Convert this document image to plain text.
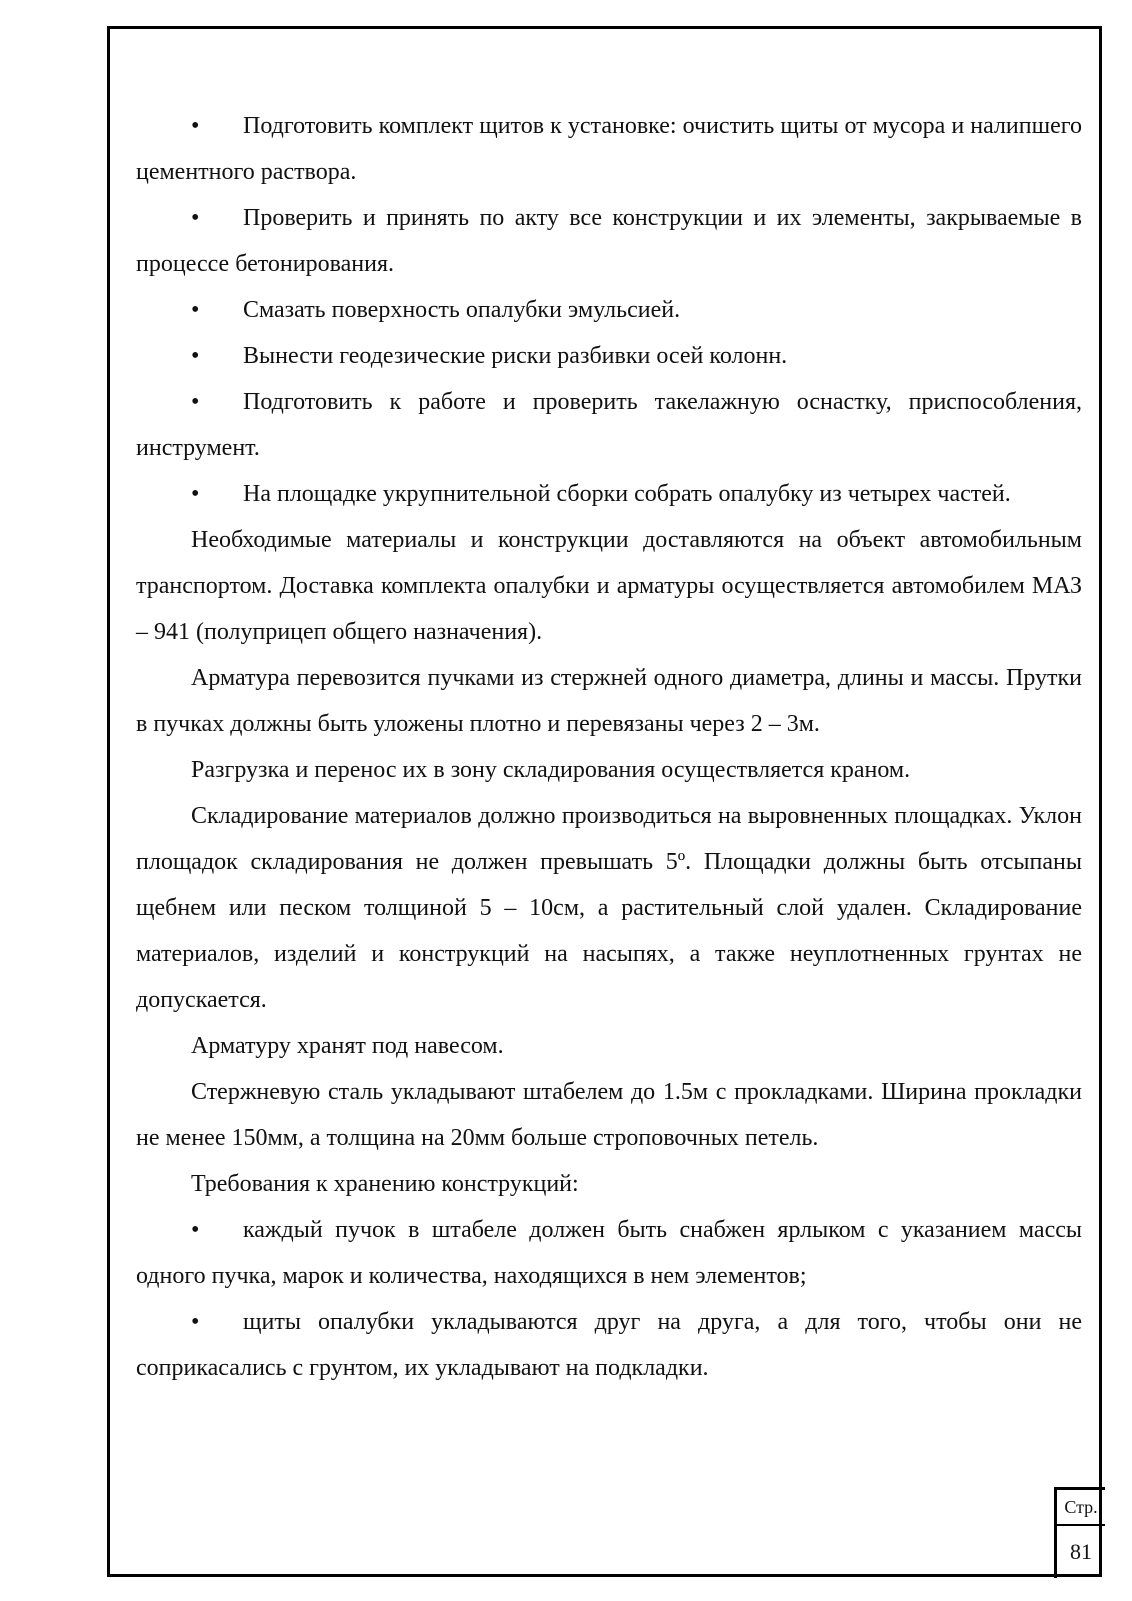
• Подготовить комплект щитов к установке: очистить щиты от мусора и налипшего цементного раствора.

• Проверить и принять по акту все конструкции и их элементы, закрываемые в процессе бетонирования.

• Смазать поверхность опалубки эмульсией.

• Вынести геодезические риски разбивки осей колонн.

• Подготовить к работе и проверить такелажную оснастку, приспособления, инструмент.

• На площадке укрупнительной сборки собрать опалубку из четырех частей.

Необходимые материалы и конструкции доставляются на объект автомобильным транспортом. Доставка комплекта опалубки и арматуры осуществляется автомобилем МАЗ – 941 (полуприцеп общего назначения).

Арматура перевозится пучками из стержней одного диаметра, длины и массы. Прутки в пучках должны быть уложены плотно и перевязаны через 2 – 3м.

Разгрузка и перенос их в зону складирования осуществляется краном.

Складирование материалов должно производиться на выровненных площадках. Уклон площадок складирования не должен превышать 5º. Площадки должны быть отсыпаны щебнем или песком толщиной 5 – 10см, а растительный слой удален. Складирование материалов, изделий и конструкций на насыпях, а также неуплотненных грунтах не допускается.

Арматуру хранят под навесом.

Стержневую сталь укладывают штабелем до 1.5м с прокладками. Ширина прокладки не менее 150мм, а толщина на 20мм больше строповочных петель.

Требования к хранению конструкций:

• каждый пучок в штабеле должен быть снабжен ярлыком с указанием массы одного пучка, марок и количества, находящихся в нем элементов;

• щиты опалубки укладываются друг на друга, а для того, чтобы они не соприкасались с грунтом, их укладывают на подкладки.

Стр.
81
